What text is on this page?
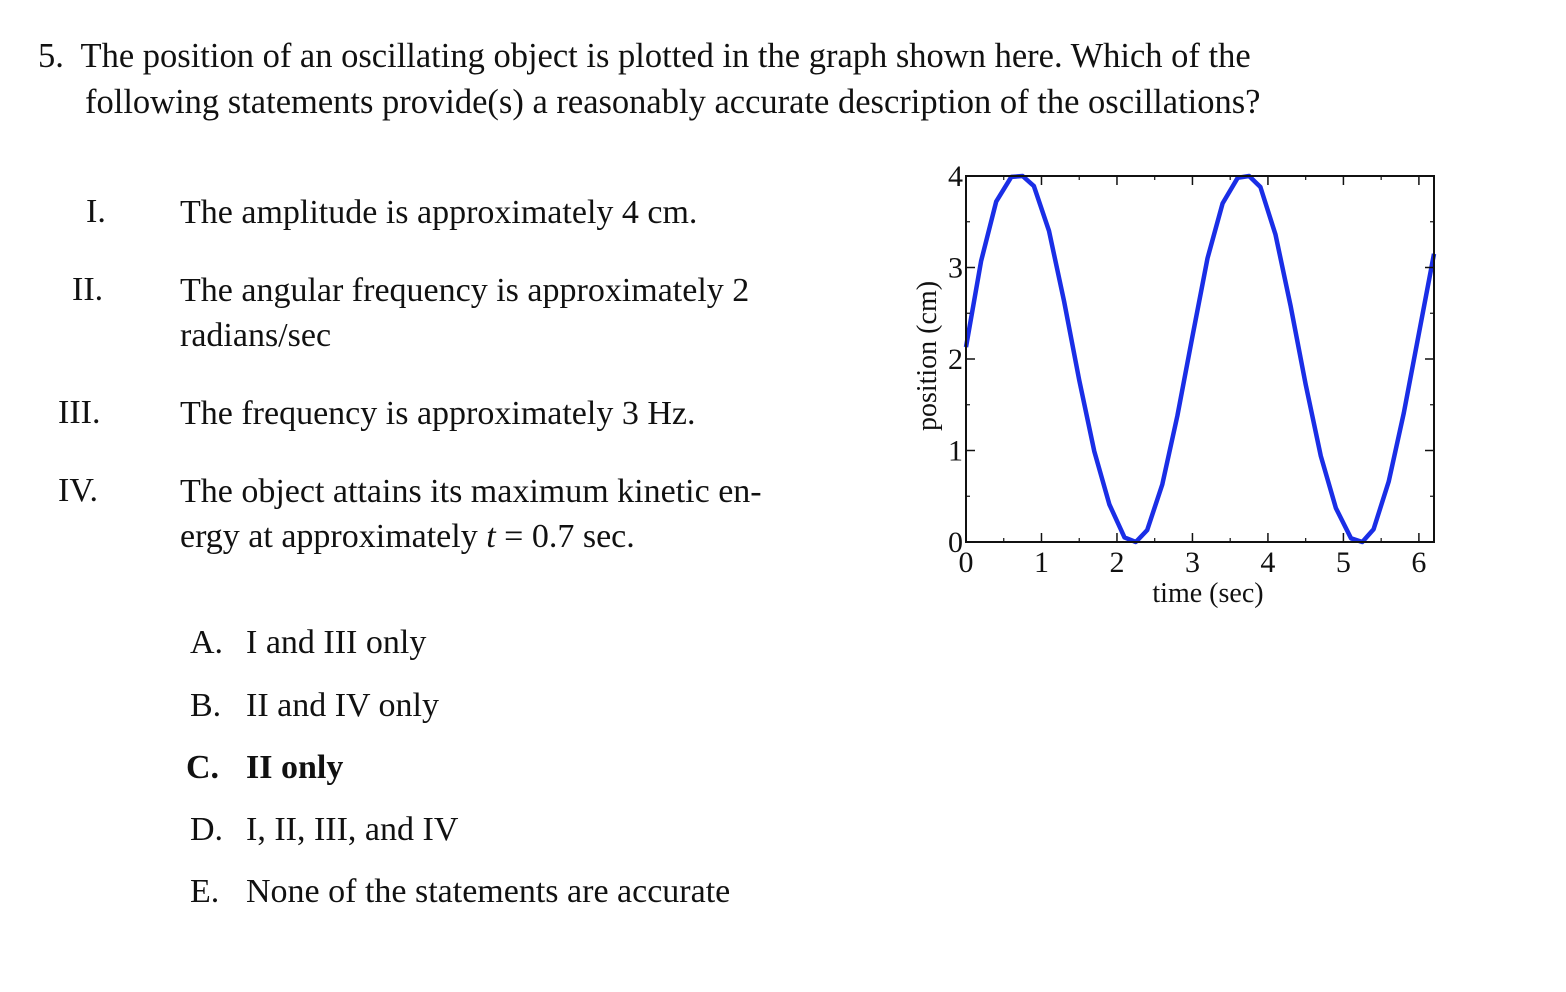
5. The position of an oscillating object is plotted in the graph shown here. Which of the
following statements provide(s) a reasonably accurate description of the oscillations?
I. The amplitude is approximately 4 cm.
II. The angular frequency is approximately 2
radians/sec
III. The frequency is approximately 3 Hz.
IV. The object attains its maximum kinetic en-
ergy at approximately t = 0.7 sec.
A. I and III only
B. II and IV only
C. II only
D. I, II, III, and IV
E. None of the statements are accurate
0 1 2 3 4 5 6
0
1
2
3
4
time (sec)
position (cm)
